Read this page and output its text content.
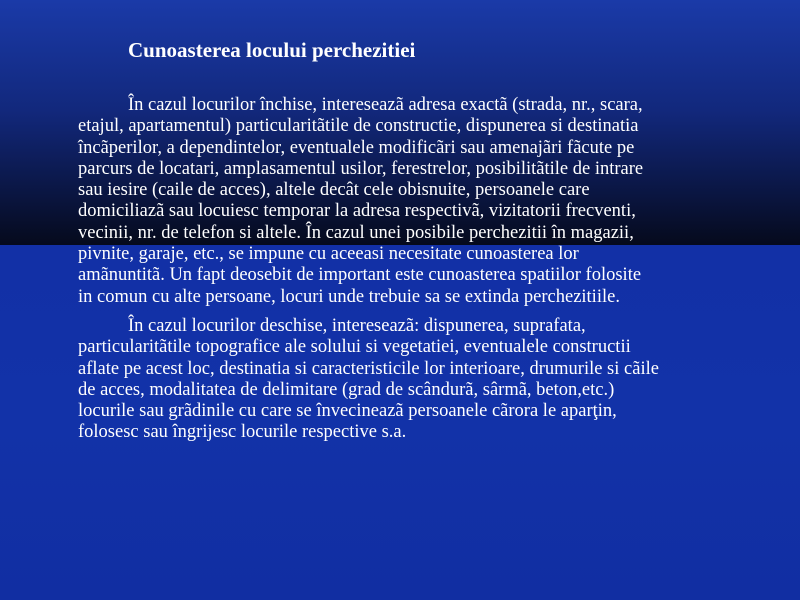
Cunoasterea locului perchezitiei

În cazul locurilor închise, intereseazã adresa exactã (strada, nr., scara,
etajul, apartamentul) particularitãtile de constructie, dispunerea si destinatia
încãperilor, a dependintelor, eventualele modificãri sau amenajãri fãcute pe
parcurs de locatari, amplasamentul usilor, ferestrelor, posibilitãtile de intrare
sau iesire (caile de acces), altele decât cele obisnuite, persoanele care
domiciliazã sau locuiesc temporar la adresa respectivã, vizitatorii frecventi,
vecinii, nr. de telefon si altele. În cazul unei posibile perchezitii în magazii,
pivnite, garaje, etc., se impune cu aceeasi necesitate cunoasterea lor
amãnuntitã. Un fapt deosebit de important este cunoasterea spatiilor folosite
in comun cu alte persoane, locuri unde trebuie sa se extinda perchezitiile.

În cazul locurilor deschise, intereseazã: dispunerea, suprafata,
particularitãtile topografice ale solului si vegetatiei, eventualele constructii
aflate pe acest loc, destinatia si caracteristicile lor interioare, drumurile si cãile
de acces, modalitatea de delimitare (grad de scândurã, sârmã, beton,etc.)
locurile sau grãdinile cu care se învecineazã persoanele cãrora le aparţin,
folosesc sau îngrijesc locurile respective s.a.
